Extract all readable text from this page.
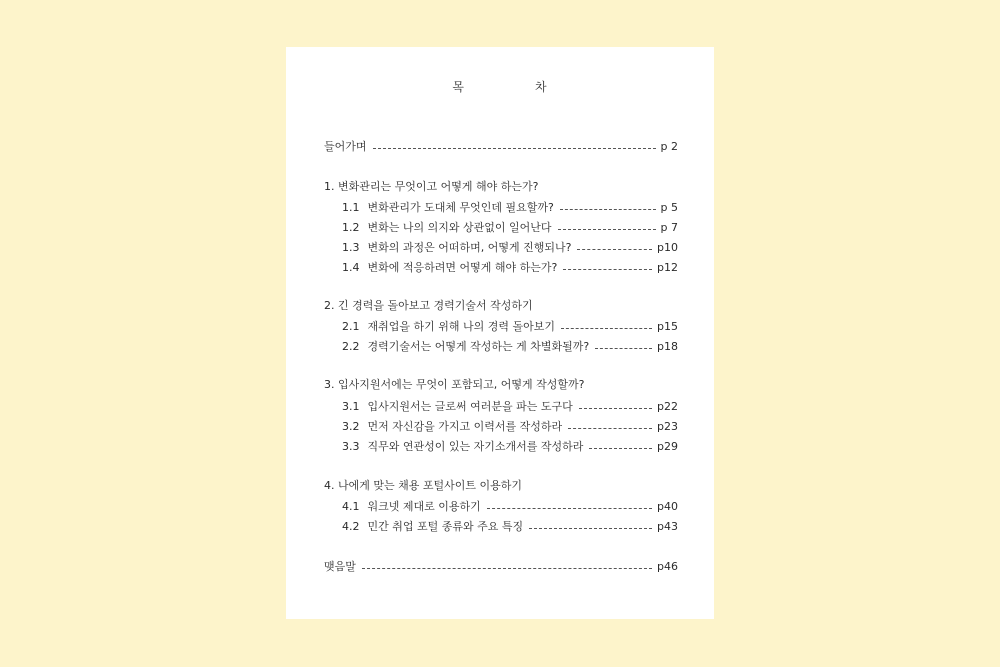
목	차
들어가며	p 2
1. 변화관리는 무엇이고 어떻게 해야 하는가?
1.1 변화관리가 도대체 무엇인데 필요할까?	p 5
1.2 변화는 나의 의지와 상관없이 일어난다	p 7
1.3 변화의 과정은 어떠하며, 어떻게 진행되나?	p10
1.4 변화에 적응하려면 어떻게 해야 하는가?	p12
2. 긴 경력을 돌아보고 경력기술서 작성하기
2.1 재취업을 하기 위해 나의 경력 돌아보기	p15
2.2 경력기술서는 어떻게 작성하는 게 차별화될까?	p18
3. 입사지원서에는 무엇이 포함되고, 어떻게 작성할까?
3.1 입사지원서는 글로써 여러분을 파는 도구다	p22
3.2 먼저 자신감을 가지고 이력서를 작성하라	p23
3.3 직무와 연관성이 있는 자기소개서를 작성하라	p29
4. 나에게 맞는 채용 포털사이트 이용하기
4.1 워크넷 제대로 이용하기	p40
4.2 민간 취업 포털 종류와 주요 특징	p43
맺음말	p46
